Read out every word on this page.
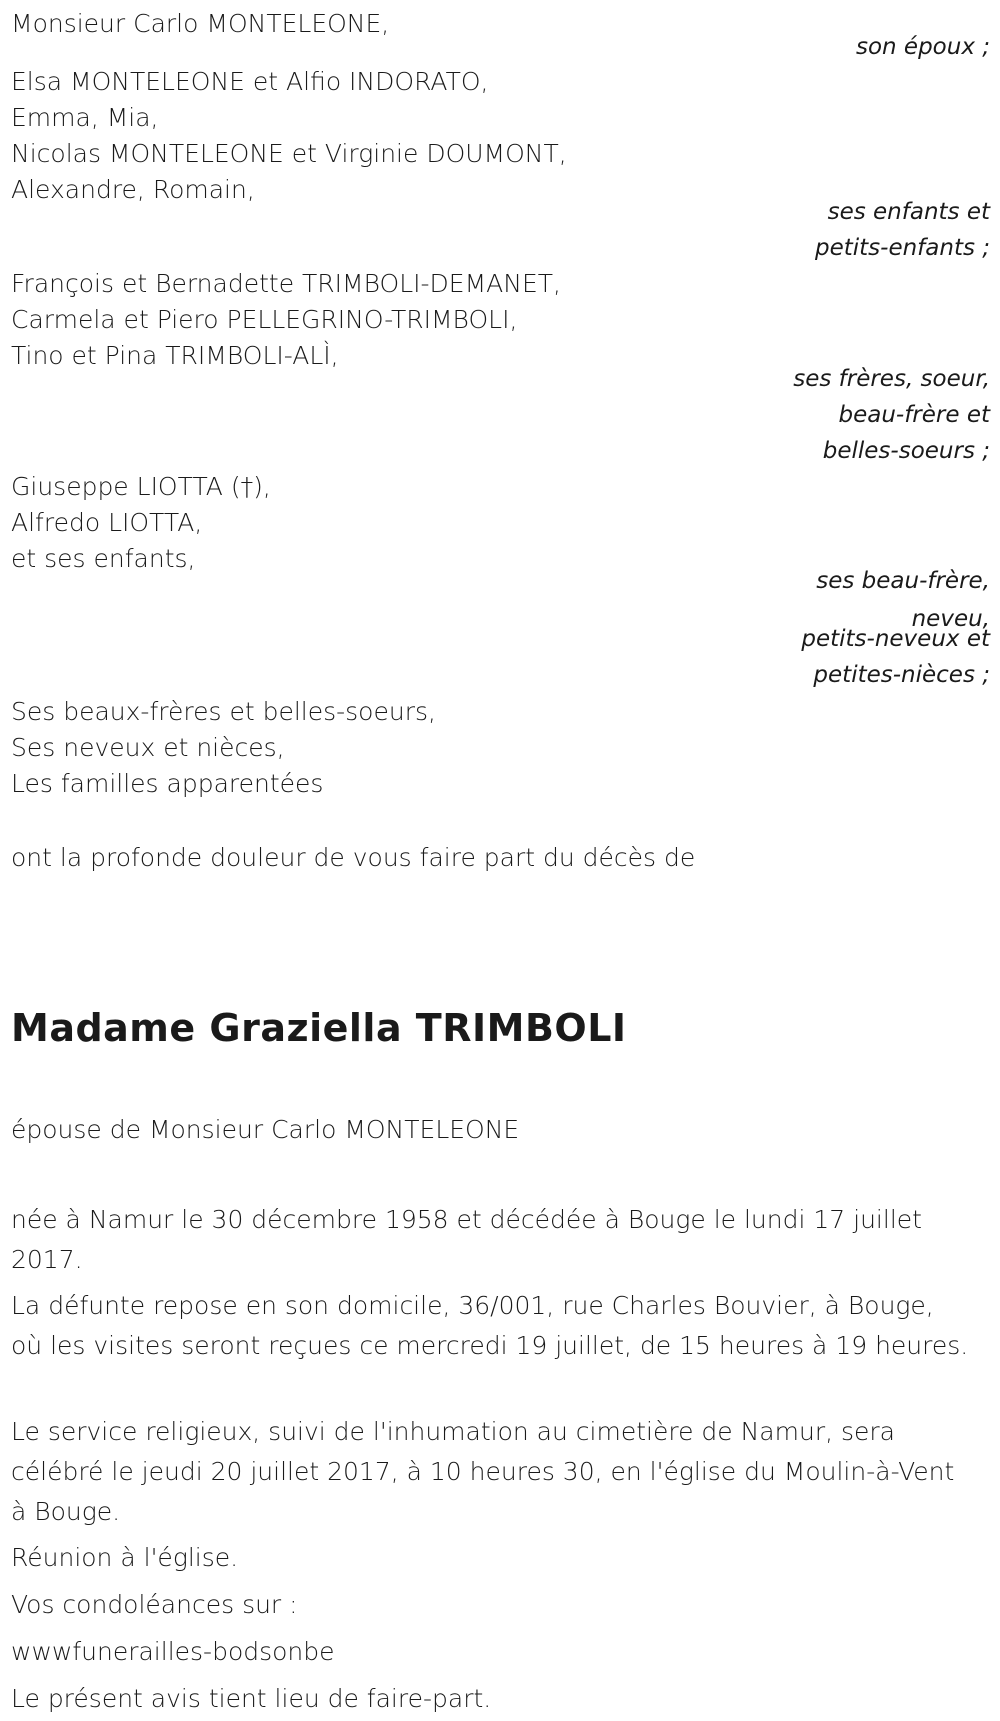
Monsieur Carlo MONTELEONE,
son époux ;
Elsa MONTELEONE et Alfio INDORATO,
Emma, Mia,
Nicolas MONTELEONE et Virginie DOUMONT,
Alexandre, Romain,
ses enfants et
petits-enfants ;
François et Bernadette TRIMBOLI-DEMANET,
Carmela et Piero PELLEGRINO-TRIMBOLI,
Tino et Pina TRIMBOLI-ALÌ,
ses frères, soeur,
beau-frère et
belles-soeurs ;
Giuseppe LIOTTA (†),
Alfredo LIOTTA,
et ses enfants,
ses beau-frère,
neveu,
petits-neveux et
petites-nièces ;
Ses beaux-frères et belles-soeurs,
Ses neveux et nièces,
Les familles apparentées
ont la profonde douleur de vous faire part du décès de
Madame Graziella TRIMBOLI
épouse de Monsieur Carlo MONTELEONE
née à Namur le 30 décembre 1958 et décédée à Bouge le lundi 17 juillet 2017.
La défunte repose en son domicile, 36/001, rue Charles Bouvier, à Bouge, où les visites seront reçues ce mercredi 19 juillet, de 15 heures à 19 heures.
Le service religieux, suivi de l'inhumation au cimetière de Namur, sera célébré le jeudi 20 juillet 2017, à 10 heures 30, en l'église du Moulin-à-Vent à Bouge.
Réunion à l'église.
Vos condoléances sur :
wwwfunerailles-bodsonbe
Le présent avis tient lieu de faire-part.
